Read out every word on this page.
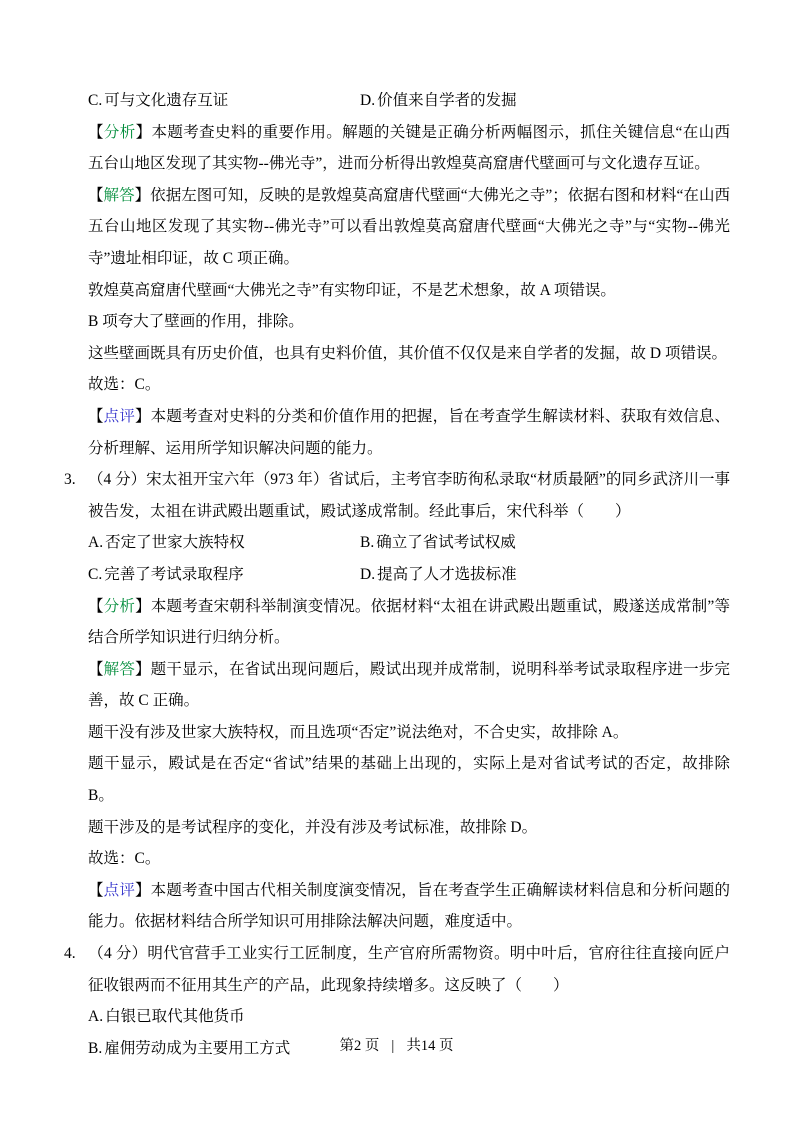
C. 可与文化遗存互证	D. 价值来自学者的发掘

【分析】本题考查史料的重要作用。解题的关键是正确分析两幅图示，抓住关键信息“在山西五台山地区发现了其实物--佛光寺”，进而分析得出敦煌莫高窟唐代壁画可与文化遗存互证。

【解答】依据左图可知，反映的是敦煌莫高窟唐代壁画“大佛光之寺”；依据右图和材料“在山西五台山地区发现了其实物--佛光寺”可以看出敦煌莫高窟唐代壁画“大佛光之寺”与“实物--佛光寺”遗址相印证，故 C 项正确。

敦煌莫高窟唐代壁画“大佛光之寺”有实物印证，不是艺术想象，故 A 项错误。

B 项夸大了壁画的作用，排除。

这些壁画既具有历史价值，也具有史料价值，其价值不仅仅是来自学者的发掘，故 D 项错误。

故选：C。

【点评】本题考查对史料的分类和价值作用的把握，旨在考查学生解读材料、获取有效信息、分析理解、运用所学知识解决问题的能力。

3. （4 分）宋太祖开宝六年（973 年）省试后，主考官李昉徇私录取“材质最陋”的同乡武济川一事被告发，太祖在讲武殿出题重试，殿试遂成常制。经此事后，宋代科举（　　）

A. 否定了世家大族特权	B. 确立了省试考试权威
C. 完善了考试录取程序	D. 提高了人才选拔标准

【分析】本题考查宋朝科举制演变情况。依据材料“太祖在讲武殿出题重试，殿遂送成常制”等结合所学知识进行归纳分析。

【解答】题干显示，在省试出现问题后，殿试出现并成常制，说明科举考试录取程序进一步完善，故 C 正确。

题干没有涉及世家大族特权，而且选项“否定”说法绝对，不合史实，故排除 A。

题干显示，殿试是在否定“省试”结果的基础上出现的，实际上是对省试考试的否定，故排除 B。

题干涉及的是考试程序的变化，并没有涉及考试标准，故排除 D。

故选：C。

【点评】本题考查中国古代相关制度演变情况，旨在考查学生正确解读材料信息和分析问题的能力。依据材料结合所学知识可用排除法解决问题，难度适中。

4. （4 分）明代官营手工业实行工匠制度，生产官府所需物资。明中叶后，官府往往直接向匠户征收银两而不征用其生产的产品，此现象持续增多。这反映了（　　）

A. 白银已取代其他货币
B. 雇佣劳动成为主要用工方式	第2 页 | 共14 页
